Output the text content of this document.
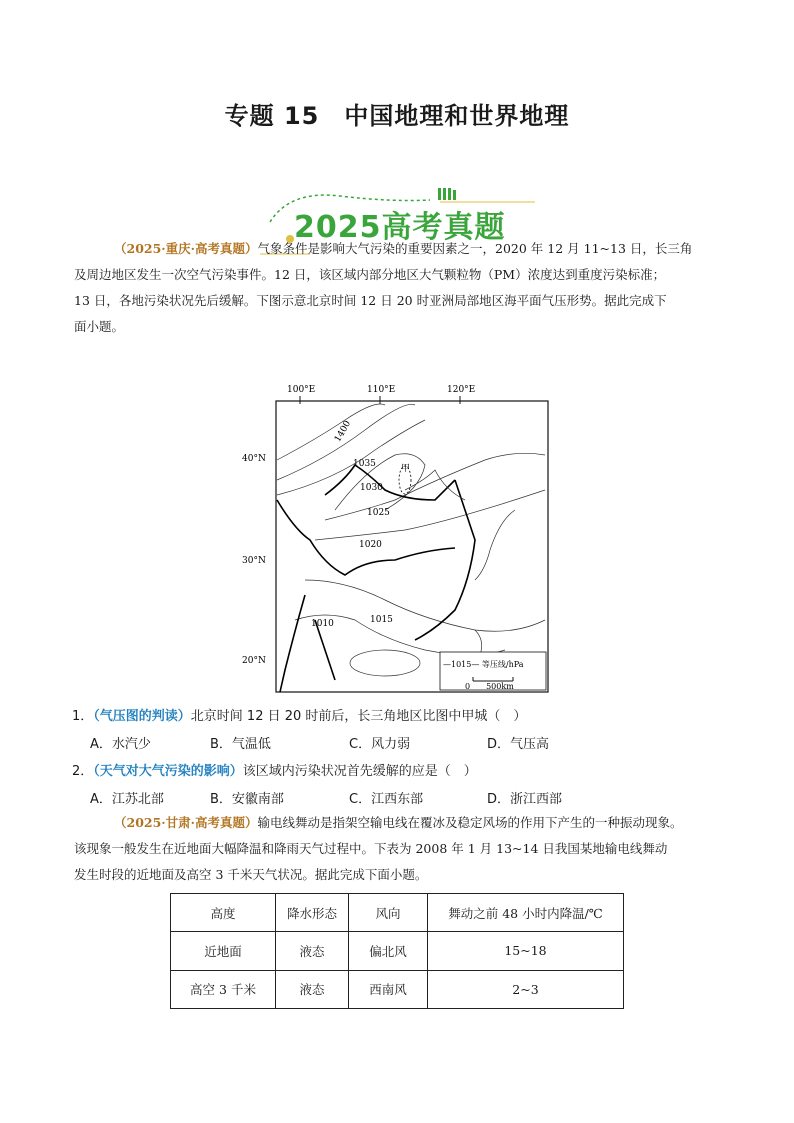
专题 15　中国地理和世界地理
2025高考真题
（2025·重庆·高考真题）气象条件是影响大气污染的重要因素之一，2020 年 12 月 11~13 日，长三角
及周边地区发生一次空气污染事件。12 日，该区域内部分地区大气颗粒物（PM）浓度达到重度污染标准；
13 日，各地污染状况先后缓解。下图示意北京时间 12 日 20 时亚洲局部地区海平面气压形势。据此完成下
面小题。
100°E	110°E	120°E
40°N
30°N
20°N
1400
1035
1030
1025
1020
1015
1010
甲
—1015— 等压线/hPa
0　　500km
1．（气压图的判读）北京时间 12 日 20 时前后，长三角地区比图中甲城（　）
A．水汽少	B．气温低	C．风力弱	D．气压高
2．（天气对大气污染的影响）该区域内污染状况首先缓解的应是（　）
A．江苏北部	B．安徽南部	C．江西东部	D．浙江西部
（2025·甘肃·高考真题）输电线舞动是指架空输电线在覆冰及稳定风场的作用下产生的一种振动现象。
该现象一般发生在近地面大幅降温和降雨天气过程中。下表为 2008 年 1 月 13~14 日我国某地输电线舞动
发生时段的近地面及高空 3 千米天气状况。据此完成下面小题。
高度	降水形态	风向	舞动之前 48 小时内降温/℃
近地面	液态	偏北风	15~18
高空 3 千米	液态	西南风	2~3
